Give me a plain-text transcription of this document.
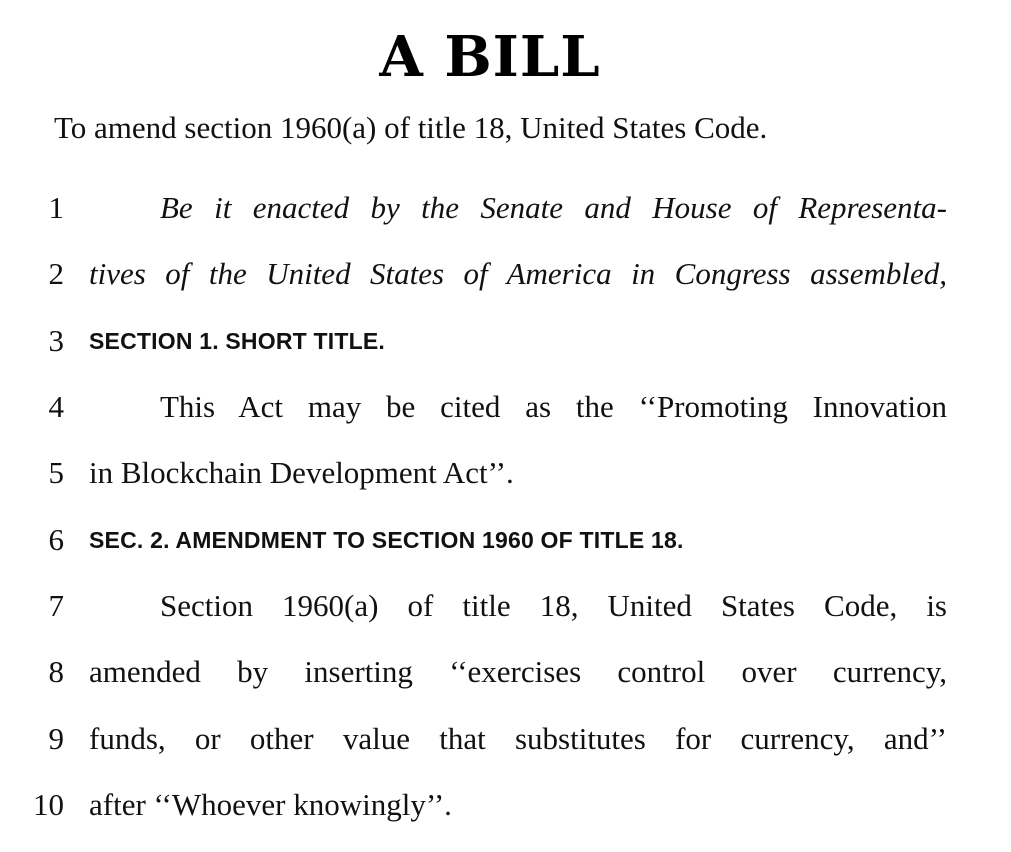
A BILL
To amend section 1960(a) of title 18, United States Code.
1	Be it enacted by the Senate and House of Representa-
2 tives of the United States of America in Congress assembled,
3 SECTION 1. SHORT TITLE.
4	This Act may be cited as the ‘‘Promoting Innovation
5 in Blockchain Development Act’’.
6 SEC. 2. AMENDMENT TO SECTION 1960 OF TITLE 18.
7	Section 1960(a) of title 18, United States Code, is
8 amended by inserting ‘‘exercises control over currency,
9 funds, or other value that substitutes for currency, and’’
10 after ‘‘Whoever knowingly’’.
